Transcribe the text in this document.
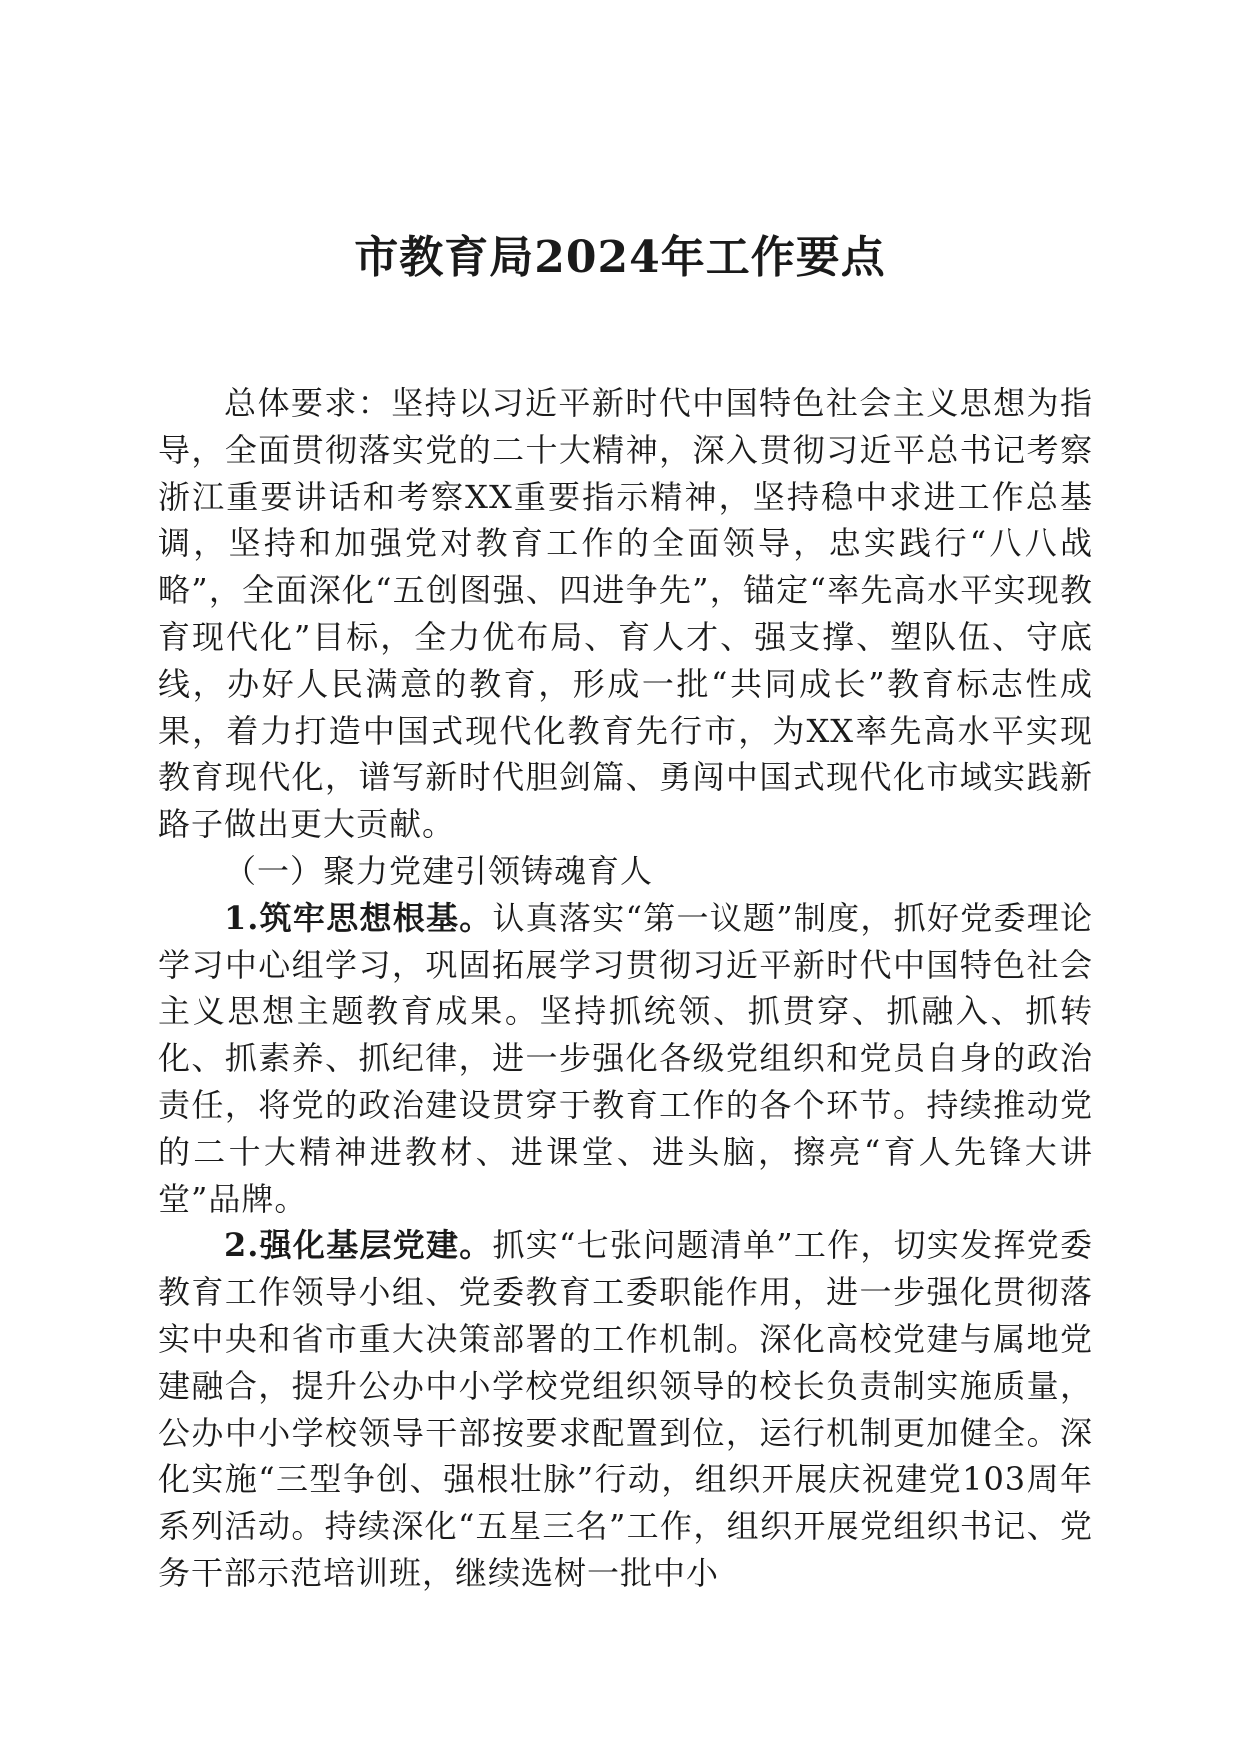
市教育局2024年工作要点

总体要求：坚持以习近平新时代中国特色社会主义思想为指导，全面贯彻落实党的二十大精神，深入贯彻习近平总书记考察浙江重要讲话和考察XX重要指示精神，坚持稳中求进工作总基调，坚持和加强党对教育工作的全面领导，忠实践行“八八战略”，全面深化“五创图强、四进争先”，锚定“率先高水平实现教育现代化”目标，全力优布局、育人才、强支撑、塑队伍、守底线，办好人民满意的教育，形成一批“共同成长”教育标志性成果，着力打造中国式现代化教育先行市，为XX率先高水平实现教育现代化，谱写新时代胆剑篇、勇闯中国式现代化市域实践新路子做出更大贡献。

（一）聚力党建引领铸魂育人

1.筑牢思想根基。认真落实“第一议题”制度，抓好党委理论学习中心组学习，巩固拓展学习贯彻习近平新时代中国特色社会主义思想主题教育成果。坚持抓统领、抓贯穿、抓融入、抓转化、抓素养、抓纪律，进一步强化各级党组织和党员自身的政治责任，将党的政治建设贯穿于教育工作的各个环节。持续推动党的二十大精神进教材、进课堂、进头脑，擦亮“育人先锋大讲堂”品牌。

2.强化基层党建。抓实“七张问题清单”工作，切实发挥党委教育工作领导小组、党委教育工委职能作用，进一步强化贯彻落实中央和省市重大决策部署的工作机制。深化高校党建与属地党建融合，提升公办中小学校党组织领导的校长负责制实施质量，公办中小学校领导干部按要求配置到位，运行机制更加健全。深化实施“三型争创、强根壮脉”行动，组织开展庆祝建党103周年系列活动。持续深化“五星三名”工作，组织开展党组织书记、党务干部示范培训班，继续选树一批中小
